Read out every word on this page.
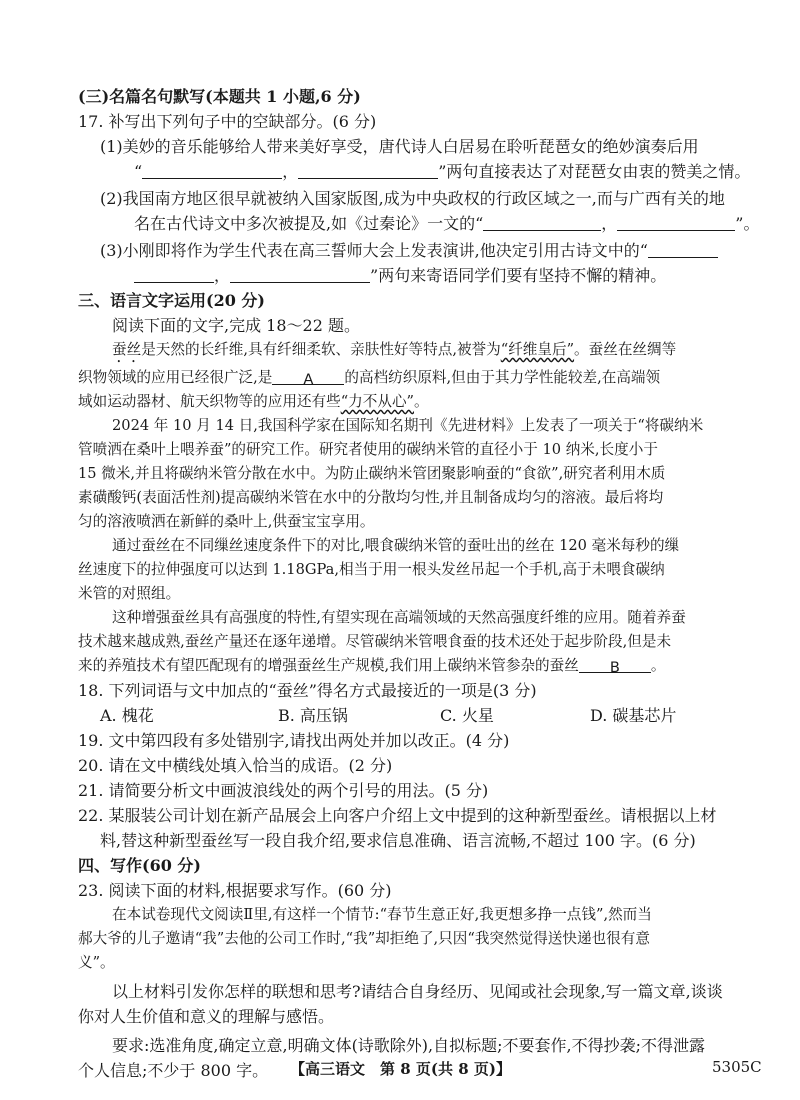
(三)名篇名句默写(本题共 1 小题,6 分)
17. 补写出下列句子中的空缺部分。(6 分)
(1)美妙的音乐能够给人带来美好享受，唐代诗人白居易在聆听琵琶女的绝妙演奏后用
“	，	”两句直接表达了对琵琶女由衷的赞美之情。
(2)我国南方地区很早就被纳入国家版图,成为中央政权的行政区域之一,而与广西有关的地
名在古代诗文中多次被提及,如《过秦论》一文的“	，	”。
(3)小刚即将作为学生代表在高三誓师大会上发表演讲,他决定引用古诗文中的“
，	”两句来寄语同学们要有坚持不懈的精神。
三、语言文字运用(20 分)
阅读下面的文字,完成 18～22 题。
蚕丝是天然的长纤维,具有纤细柔软、亲肤性好等特点,被誉为“纤维皇后”。蚕丝在丝绸等
织物领域的应用已经很广泛,是 A 的高档纺织原料,但由于其力学性能较差,在高端领
域如运动器材、航天织物等的应用还有些“力不从心”。
2024 年 10 月 14 日,我国科学家在国际知名期刊《先进材料》上发表了一项关于“将碳纳米
管喷洒在桑叶上喂养蚕”的研究工作。研究者使用的碳纳米管的直径小于 10 纳米,长度小于
15 微米,并且将碳纳米管分散在水中。为防止碳纳米管团聚影响蚕的“食欲”,研究者利用木质
素磺酸钙(表面活性剂)提高碳纳米管在水中的分散均匀性,并且制备成均匀的溶液。最后将均
匀的溶液喷洒在新鲜的桑叶上,供蚕宝宝享用。
通过蚕丝在不同缫丝速度条件下的对比,喂食碳纳米管的蚕吐出的丝在 120 毫米每秒的缫
丝速度下的拉伸强度可以达到 1.18GPa,相当于用一根头发丝吊起一个手机,高于未喂食碳纳
米管的对照组。
这种增强蚕丝具有高强度的特性,有望实现在高端领域的天然高强度纤维的应用。随着养蚕
技术越来越成熟,蚕丝产量还在逐年递增。尽管碳纳米管喂食蚕的技术还处于起步阶段,但是未
来的养殖技术有望匹配现有的增强蚕丝生产规模,我们用上碳纳米管参杂的蚕丝 B 。
18. 下列词语与文中加点的“蚕丝”得名方式最接近的一项是(3 分)
A. 槐花	B. 高压锅	C. 火星	D. 碳基芯片
19. 文中第四段有多处错别字,请找出两处并加以改正。(4 分)
20. 请在文中横线处填入恰当的成语。(2 分)
21. 请简要分析文中画波浪线处的两个引号的用法。(5 分)
22. 某服装公司计划在新产品展会上向客户介绍上文中提到的这种新型蚕丝。请根据以上材
料,替这种新型蚕丝写一段自我介绍,要求信息准确、语言流畅,不超过 100 字。(6 分)
四、写作(60 分)
23. 阅读下面的材料,根据要求写作。(60 分)
在本试卷现代文阅读Ⅱ里,有这样一个情节:“春节生意正好,我更想多挣一点钱”,然而当
郝大爷的儿子邀请“我”去他的公司工作时,“我”却拒绝了,只因“我突然觉得送快递也很有意
义”。
以上材料引发你怎样的联想和思考?请结合自身经历、见闻或社会现象,写一篇文章,谈谈
你对人生价值和意义的理解与感悟。
要求:选准角度,确定立意,明确文体(诗歌除外),自拟标题;不要套作,不得抄袭;不得泄露
个人信息;不少于 800 字。	【高三语文　第 8 页(共 8 页)】	5305C
